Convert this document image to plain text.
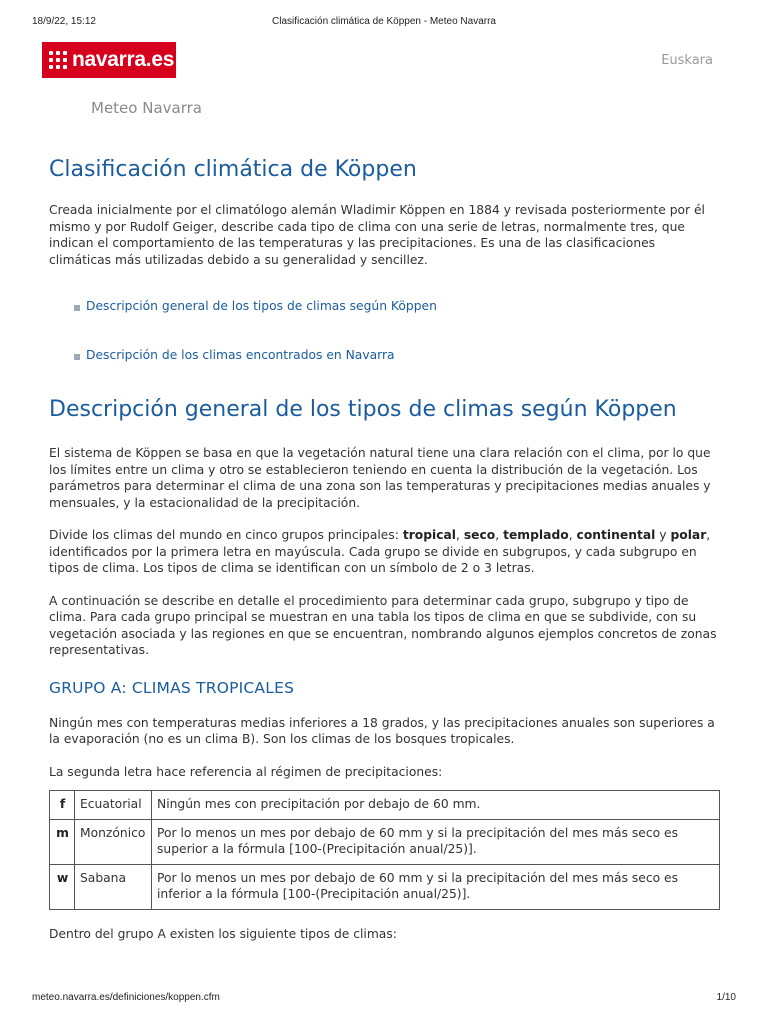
18/9/22, 15:12	Clasificación climática de Köppen - Meteo Navarra
navarra.es	Euskara
Meteo Navarra
Clasificación climática de Köppen

Creada inicialmente por el climatólogo alemán Wladimir Köppen en 1884 y revisada posteriormente por él mismo y por Rudolf Geiger, describe cada tipo de clima con una serie de letras, normalmente tres, que indican el comportamiento de las temperaturas y las precipitaciones. Es una de las clasificaciones climáticas más utilizadas debido a su generalidad y sencillez.

Descripción general de los tipos de climas según Köppen
Descripción de los climas encontrados en Navarra
Descripción general de los tipos de climas según Köppen

El sistema de Köppen se basa en que la vegetación natural tiene una clara relación con el clima, por lo que los límites entre un clima y otro se establecieron teniendo en cuenta la distribución de la vegetación. Los parámetros para determinar el clima de una zona son las temperaturas y precipitaciones medias anuales y mensuales, y la estacionalidad de la precipitación.

Divide los climas del mundo en cinco grupos principales: tropical, seco, templado, continental y polar, identificados por la primera letra en mayúscula. Cada grupo se divide en subgrupos, y cada subgrupo en tipos de clima. Los tipos de clima se identifican con un símbolo de 2 o 3 letras.

A continuación se describe en detalle el procedimiento para determinar cada grupo, subgrupo y tipo de clima. Para cada grupo principal se muestran en una tabla los tipos de clima en que se subdivide, con su vegetación asociada y las regiones en que se encuentran, nombrando algunos ejemplos concretos de zonas representativas.

GRUPO A: CLIMAS TROPICALES

Ningún mes con temperaturas medias inferiores a 18 grados, y las precipitaciones anuales son superiores a la evaporación (no es un clima B). Son los climas de los bosques tropicales.

La segunda letra hace referencia al régimen de precipitaciones:

f	Ecuatorial	Ningún mes con precipitación por debajo de 60 mm.
m	Monzónico	Por lo menos un mes por debajo de 60 mm y si la precipitación del mes más seco es superior a la fórmula [100-(Precipitación anual/25)].
w	Sabana	Por lo menos un mes por debajo de 60 mm y si la precipitación del mes más seco es inferior a la fórmula [100-(Precipitación anual/25)].

Dentro del grupo A existen los siguiente tipos de climas:

meteo.navarra.es/definiciones/koppen.cfm	1/10
